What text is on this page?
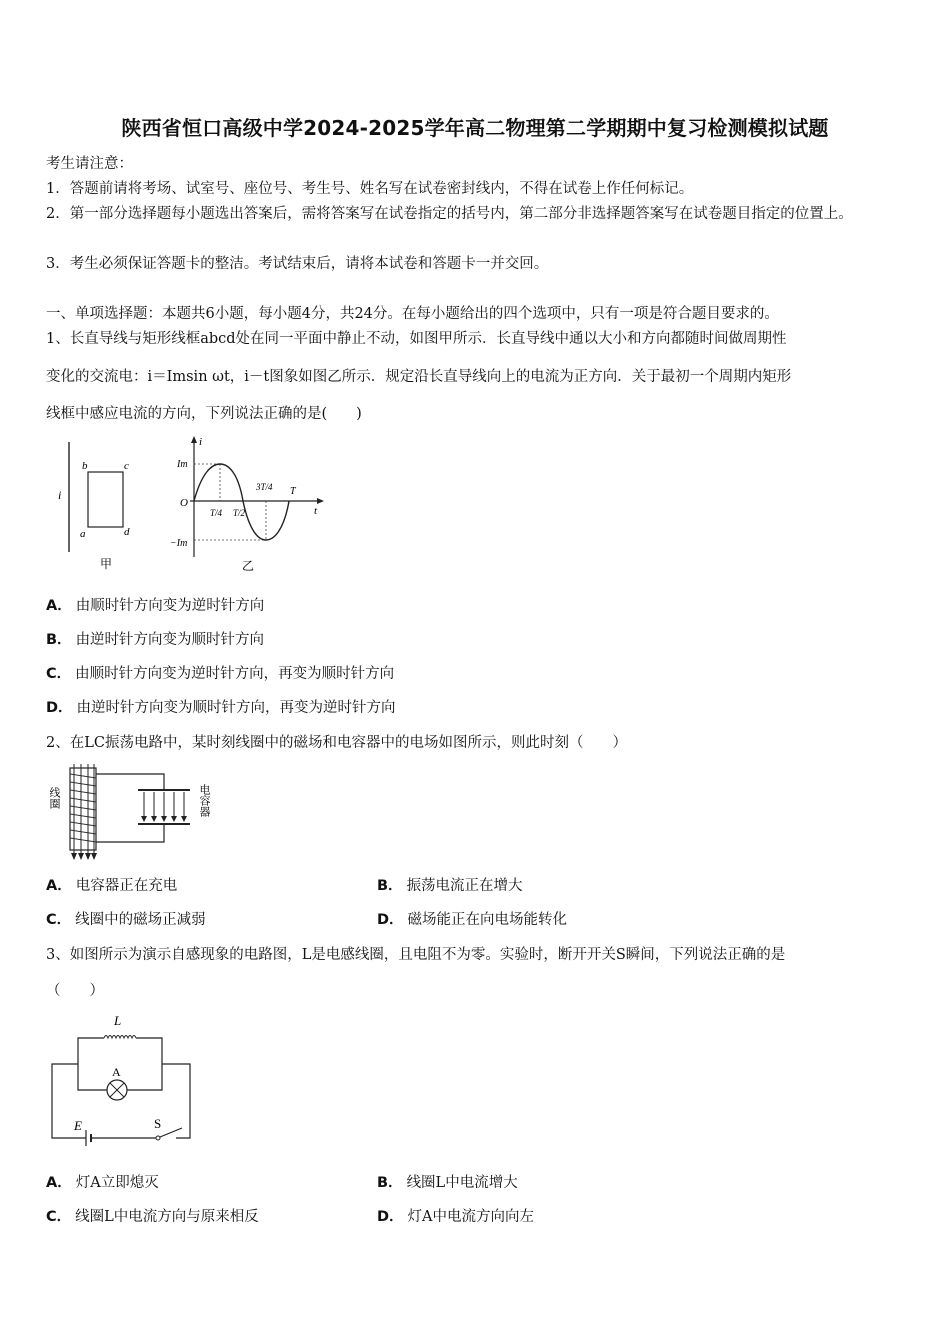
陕西省恒口高级中学2024-2025学年高二物理第二学期期中复习检测模拟试题
考生请注意：
1．答题前请将考场、试室号、座位号、考生号、姓名写在试卷密封线内，不得在试卷上作任何标记。
2．第一部分选择题每小题选出答案后，需将答案写在试卷指定的括号内，第二部分非选择题答案写在试卷题目指定的位置上。
3．考生必须保证答题卡的整洁。考试结束后，请将本试卷和答题卡一并交回。
一、单项选择题：本题共6小题，每小题4分，共24分。在每小题给出的四个选项中，只有一项是符合题目要求的。
1、长直导线与矩形线框abcd处在同一平面中静止不动，如图甲所示．长直导线中通以大小和方向都随时间做周期性
变化的交流电：i＝Imsin ωt，i－t图象如图乙所示．规定沿长直导线向上的电流为正方向．关于最初一个周期内矩形
线框中感应电流的方向，下列说法正确的是(　　)
i
b	c
a	d
甲
i
Im
−Im
O
t
T/4 T/2
3T/4 T
乙
A． 由顺时针方向变为逆时针方向
B． 由逆时针方向变为顺时针方向
C． 由顺时针方向变为逆时针方向，再变为顺时针方向
D． 由逆时针方向变为顺时针方向，再变为逆时针方向
2、在LC振荡电路中，某时刻线圈中的磁场和电容器中的电场如图所示，则此时刻（　　）
线圈	电容器
A． 电容器正在充电	B． 振荡电流正在增大
C． 线圈中的磁场正减弱	D． 磁场能正在向电场能转化
3、如图所示为演示自感现象的电路图，L是电感线圈，且电阻不为零。实验时，断开开关S瞬间，下列说法正确的是
（　　）
L
A
E	S
A． 灯A立即熄灭	B． 线圈L中电流增大
C． 线圈L中电流方向与原来相反	D． 灯A中电流方向向左
